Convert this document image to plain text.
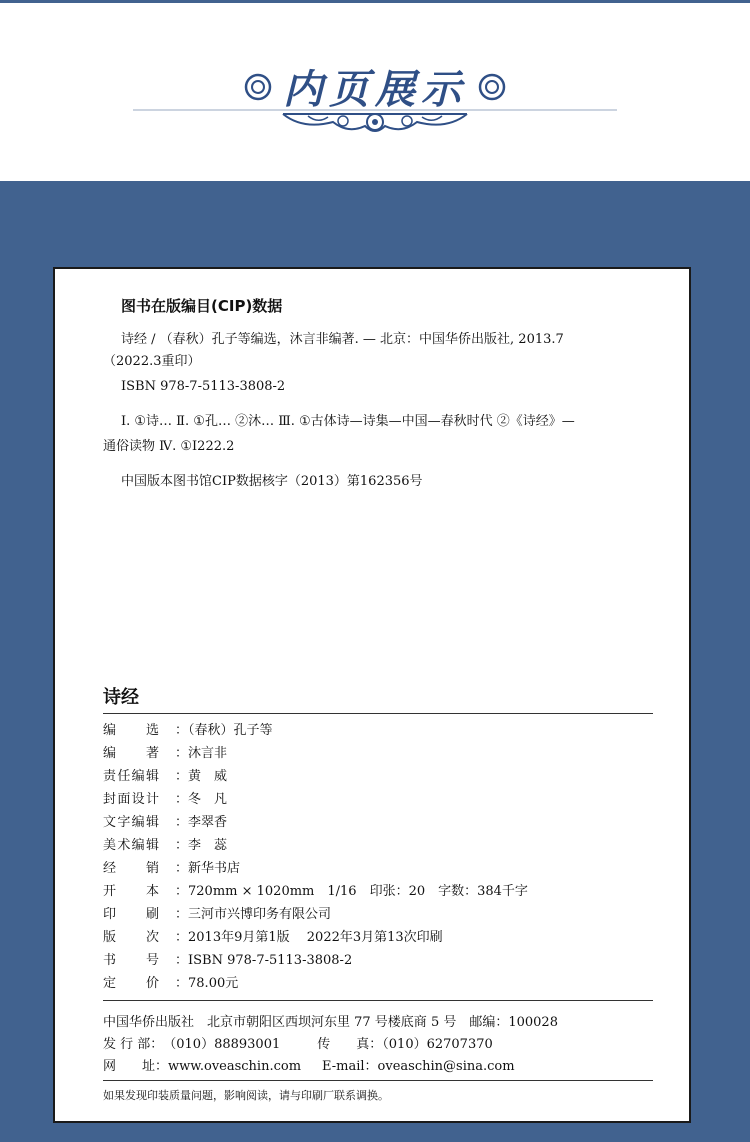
内页展示
图书在版编目(CIP)数据
诗经 / （春秋）孔子等编选，沐言非编著. — 北京：中国华侨出版社, 2013.7
（2022.3重印）
ISBN 978-7-5113-3808-2
Ⅰ. ①诗… Ⅱ. ①孔… ②沐… Ⅲ. ①古体诗—诗集—中国—春秋时代 ②《诗经》—
通俗读物 Ⅳ. ①I222.2
中国版本图书馆CIP数据核字（2013）第162356号
诗经
编选 ：（春秋）孔子等
编著 ：沐言非
责任编辑 ：黄　威
封面设计 ：冬　凡
文字编辑 ：李翠香
美术编辑 ：李　蕊
经销 ：新华书店
开本 ：720mm × 1020mm　1/16　印张：20　字数：384千字
印刷 ：三河市兴博印务有限公司
版次 ：2013年9月第1版　 2022年3月第13次印刷
书号 ：ISBN 978-7-5113-3808-2
定价 ：78.00元
中国华侨出版社　北京市朝阳区西坝河东里 77 号楼底商 5 号　邮编：100028
发 行 部：（010）88893001	传　　真：（010）62707370
网　　址：www.oveaschin.com E-mail：oveaschin@sina.com
如果发现印装质量问题，影响阅读，请与印刷厂联系调换。
